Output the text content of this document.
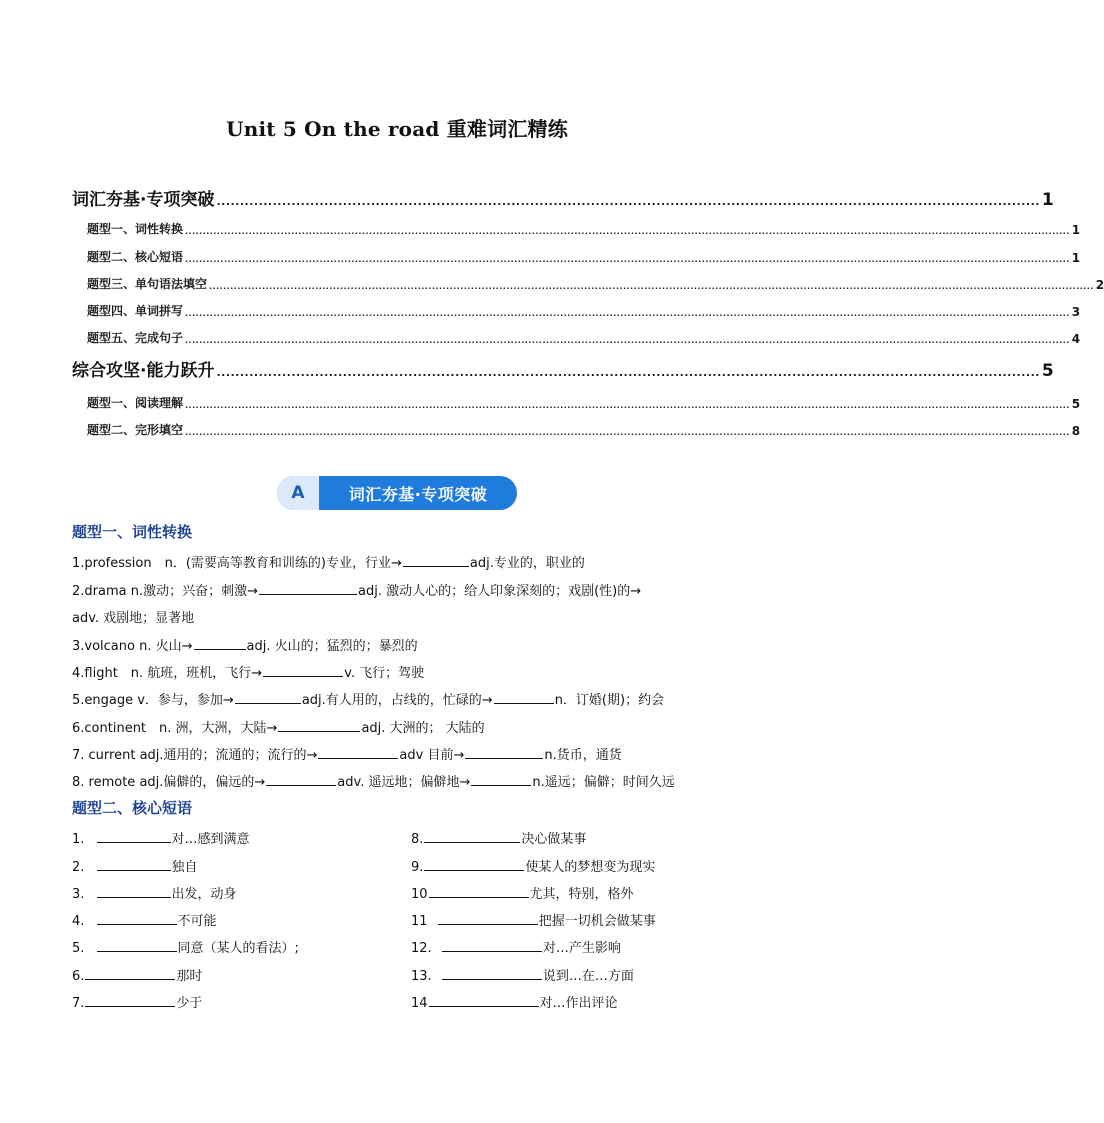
Unit 5 On the road 重难词汇精练
词汇夯基·专项突破 ................................................................................................................................................................................ 1
题型一、词性转换 .......................................................................................................................................................................................................................................................... 1
题型二、核心短语 .......................................................................................................................................................................................................................................................... 1
题型三、单句语法填空 .......................................................................................................................................................................................................................................................... 2
题型四、单词拼写 .......................................................................................................................................................................................................................................................... 3
题型五、完成句子 .......................................................................................................................................................................................................................................................... 4
综合攻坚·能力跃升 ................................................................................................................................................................................ 5
题型一、阅读理解 .......................................................................................................................................................................................................................................................... 5
题型二、完形填空 .......................................................................................................................................................................................................................................................... 8
A	词汇夯基·专项突破
题型一、词性转换
1.profession　n．(需要高等教育和训练的)专业，行业→	adj.专业的，职业的
2.drama n.激动；兴奋；刺激→	adj. 激动人心的；给人印象深刻的；戏剧(性)的→
adv. 戏剧地；显著地
3.volcano n. 火山→	adj. 火山的；猛烈的；暴烈的
4.flight　n. 航班，班机，飞行→	v. 飞行；驾驶
5.engage v．参与，参加→	adj.有人用的，占线的，忙碌的→	n．订婚(期)；约会
6.continent　n. 洲，大洲，大陆→	adj. 大洲的； 大陆的
7. current adj.通用的；流通的；流行的→	adv 目前→	n.货币，通货
8. remote adj.偏僻的，偏远的→	adv. 遥远地；偏僻地→	n.遥远；偏僻；时间久远
题型二、核心短语
1.	对…感到满意
2.	独自
3.	出发，动身
4.	不可能
5.	同意（某人的看法）;
6.	那时
7.	少于
8.	决心做某事
9.	使某人的梦想变为现实
10	尤其，特别，格外
11	把握一切机会做某事
12.	对…产生影响
13.	说到…在…方面
14	对…作出评论
